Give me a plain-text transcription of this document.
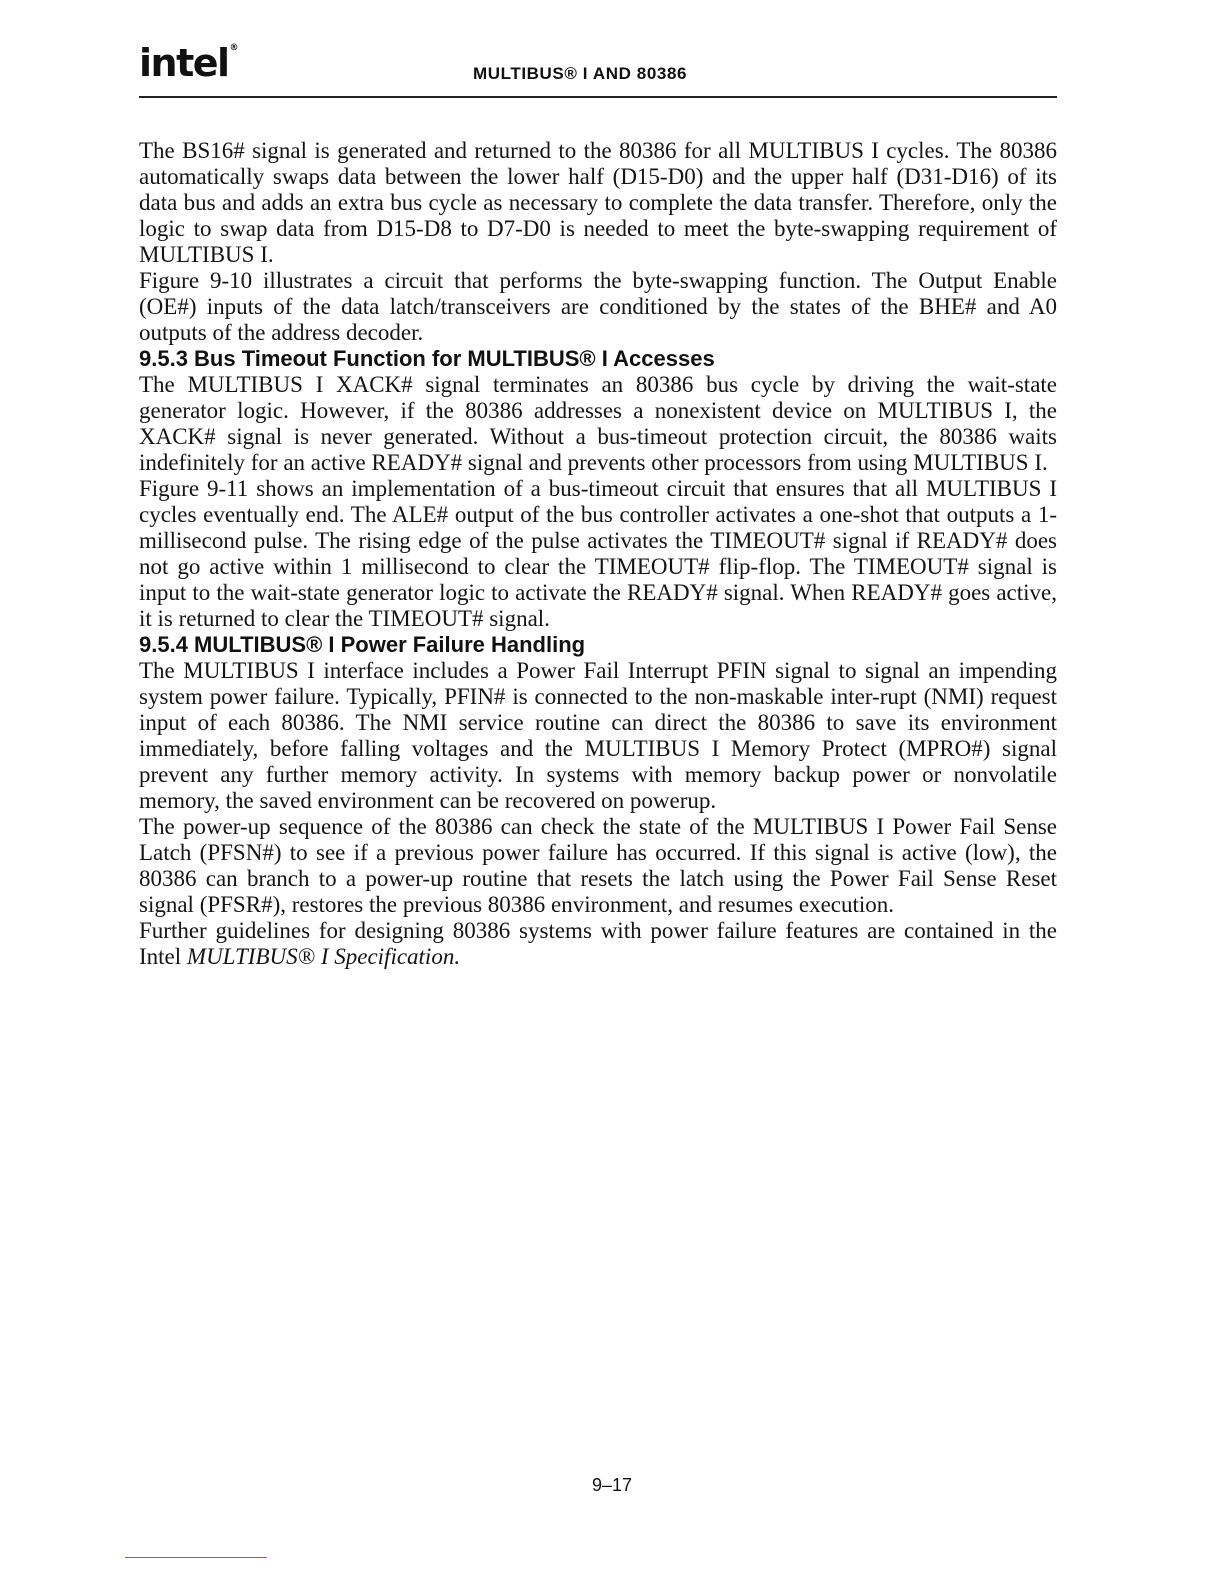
intel®
MULTIBUS® I AND 80386

The BS16# signal is generated and returned to the 80386 for all MULTIBUS I cycles. The 80386 automatically swaps data between the lower half (D15-D0) and the upper half (D31-D16) of its data bus and adds an extra bus cycle as necessary to complete the data transfer. Therefore, only the logic to swap data from D15-D8 to D7-D0 is needed to meet the byte-swapping requirement of MULTIBUS I.

Figure 9-10 illustrates a circuit that performs the byte-swapping function. The Output Enable (OE#) inputs of the data latch/transceivers are conditioned by the states of the BHE# and A0 outputs of the address decoder.

9.5.3 Bus Timeout Function for MULTIBUS® I Accesses

The MULTIBUS I XACK# signal terminates an 80386 bus cycle by driving the wait-state generator logic. However, if the 80386 addresses a nonexistent device on MULTIBUS I, the XACK# signal is never generated. Without a bus-timeout protection circuit, the 80386 waits indefinitely for an active READY# signal and prevents other processors from using MULTIBUS I.

Figure 9-11 shows an implementation of a bus-timeout circuit that ensures that all MULTIBUS I cycles eventually end. The ALE# output of the bus controller activates a one-shot that outputs a 1-millisecond pulse. The rising edge of the pulse activates the TIMEOUT# signal if READY# does not go active within 1 millisecond to clear the TIMEOUT# flip-flop. The TIMEOUT# signal is input to the wait-state generator logic to activate the READY# signal. When READY# goes active, it is returned to clear the TIMEOUT# signal.

9.5.4 MULTIBUS® I Power Failure Handling

The MULTIBUS I interface includes a Power Fail Interrupt PFIN signal to signal an impending system power failure. Typically, PFIN# is connected to the non-maskable inter-rupt (NMI) request input of each 80386. The NMI service routine can direct the 80386 to save its environment immediately, before falling voltages and the MULTIBUS I Memory Protect (MPRO#) signal prevent any further memory activity. In systems with memory backup power or nonvolatile memory, the saved environment can be recovered on powerup.

The power-up sequence of the 80386 can check the state of the MULTIBUS I Power Fail Sense Latch (PFSN#) to see if a previous power failure has occurred. If this signal is active (low), the 80386 can branch to a power-up routine that resets the latch using the Power Fail Sense Reset signal (PFSR#), restores the previous 80386 environment, and resumes execution.

Further guidelines for designing 80386 systems with power failure features are contained in the Intel MULTIBUS® I Specification.

9–17
